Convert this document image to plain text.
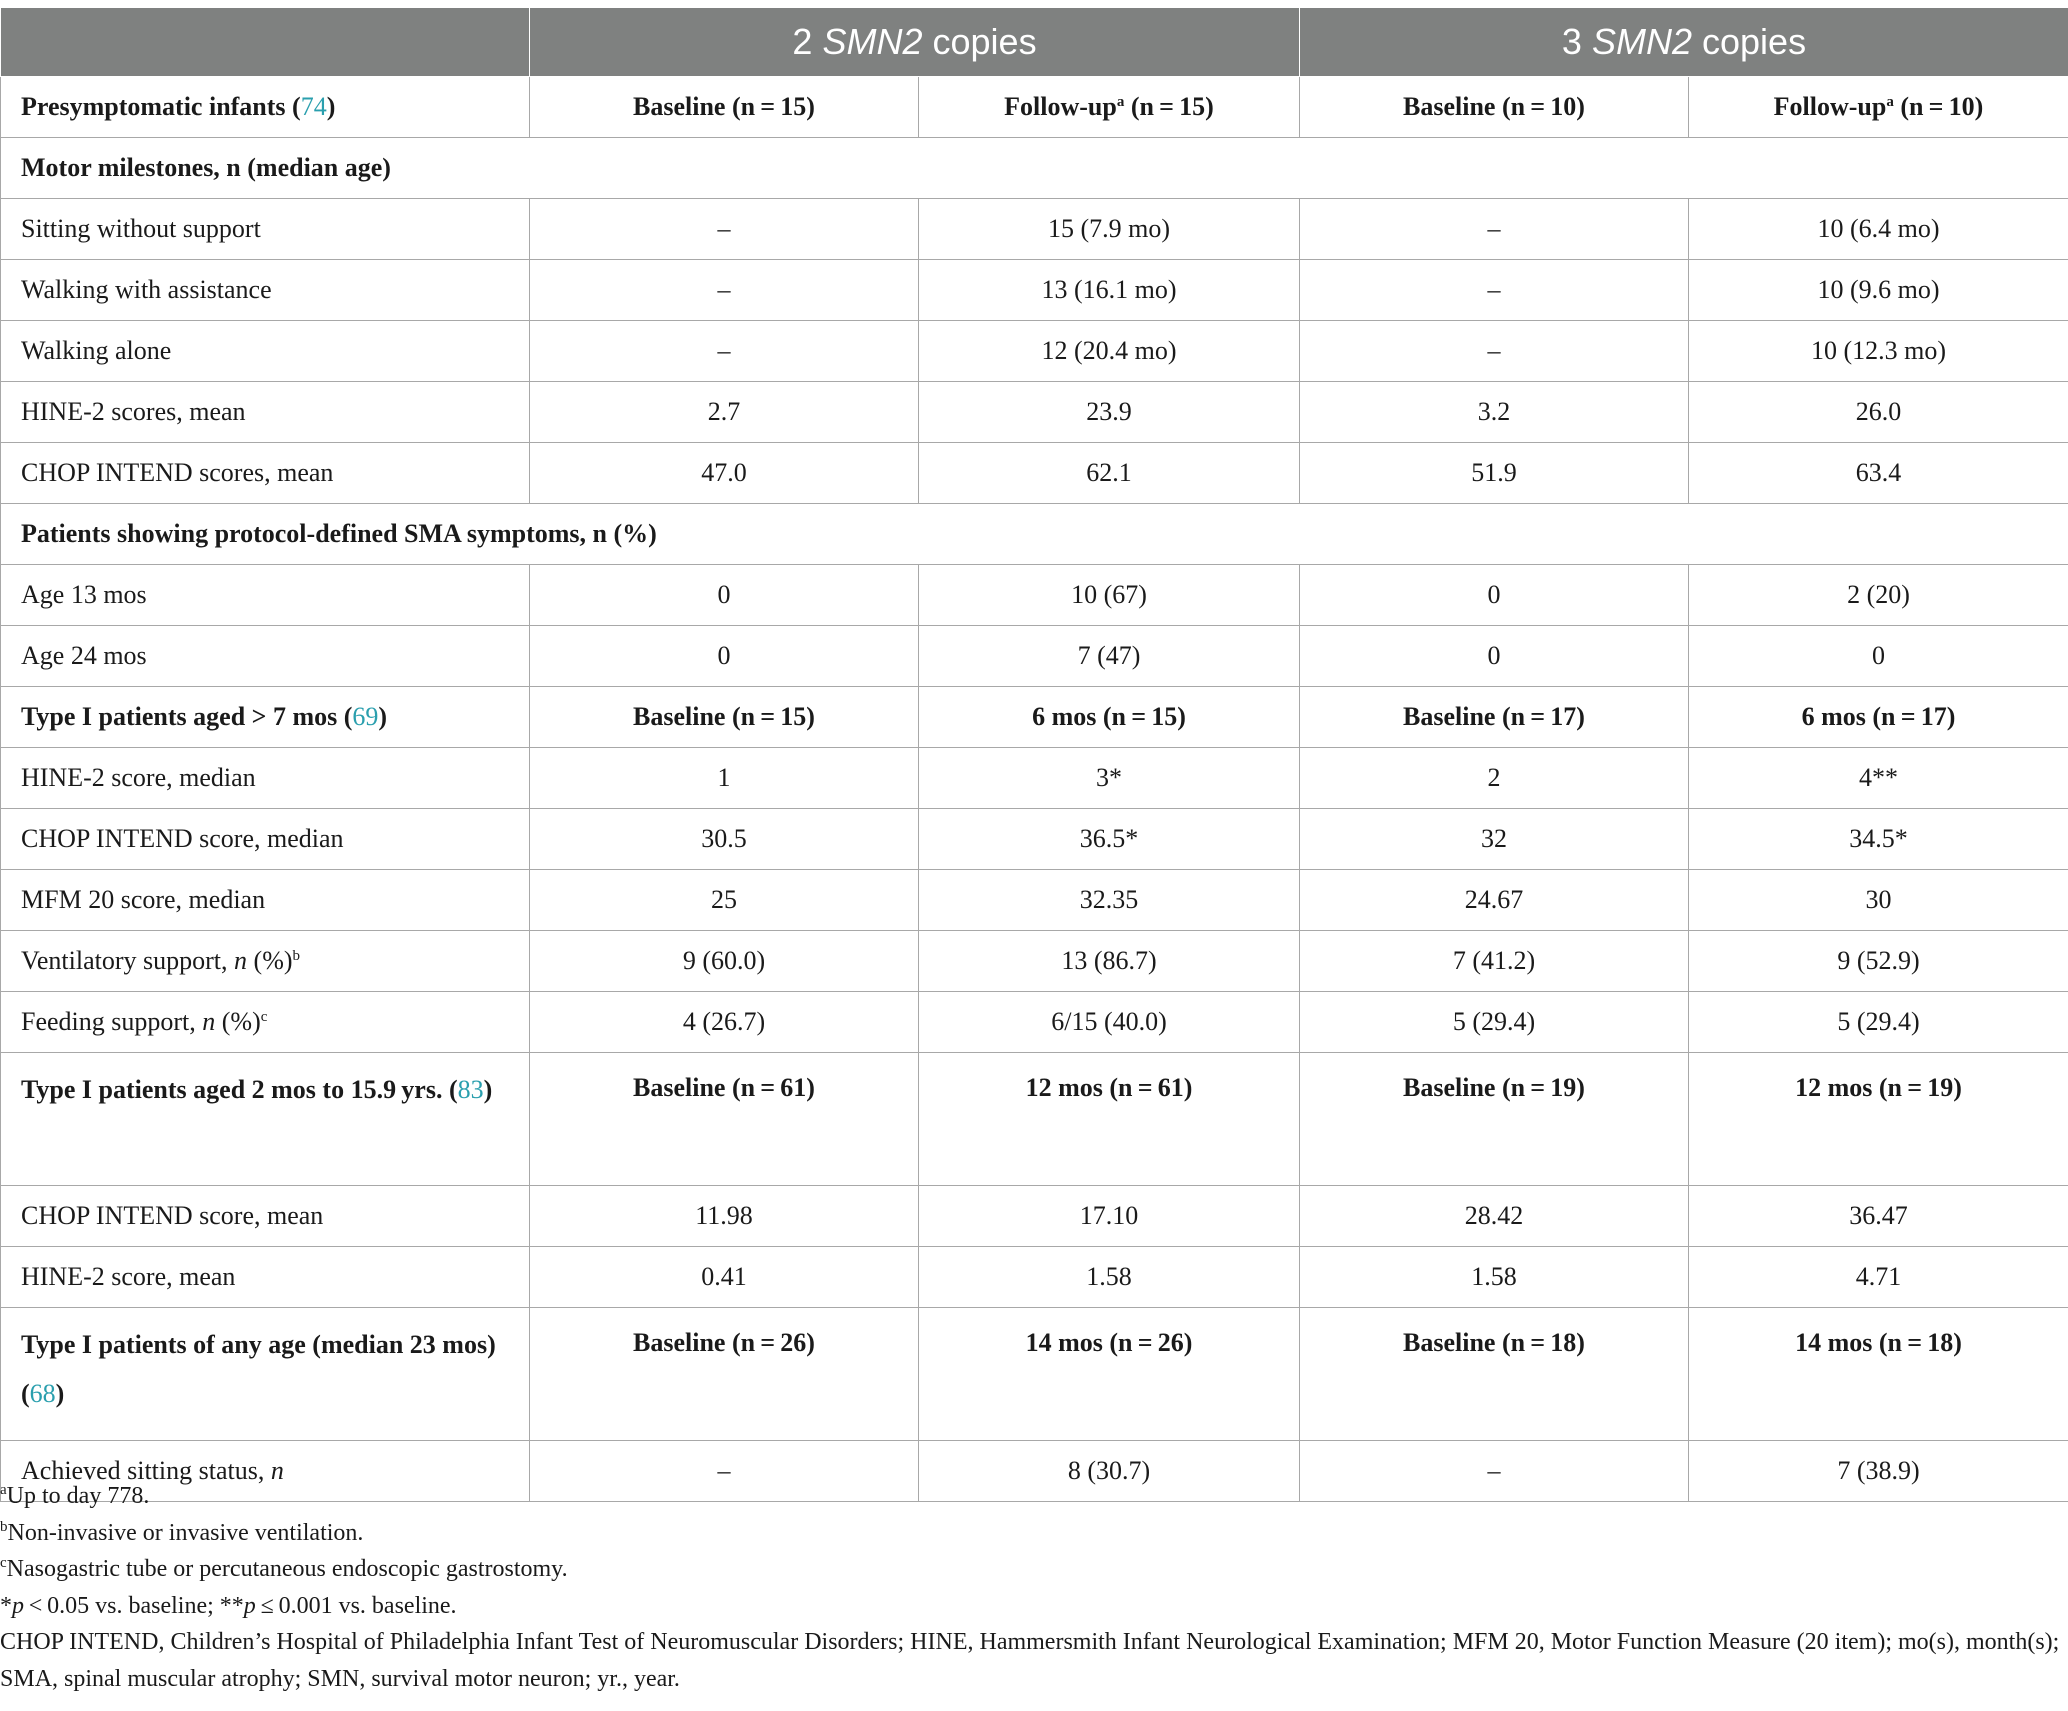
	2 SMN2 copies		3 SMN2 copies	
Presymptomatic infants (74)	Baseline (n = 15)	Follow-$up^a$ (n = 15)	Baseline (n = 10)	Follow-$up^a$ (n = 10)
Motor milestones, n (median age)				
Sitting without support	–	15 (7.9 mo)	–	10 (6.4 mo)
Walking with assistance	–	13 (16.1 mo)	–	10 (9.6 mo)
Walking alone	–	12 (20.4 mo)	–	10 (12.3 mo)
HINE-2 scores, mean	2.7	23.9	3.2	26.0
CHOP INTEND scores, mean	47.0	62.1	51.9	63.4
Patients showing protocol-defined SMA symptoms, n (%)				
Age 13 mos	0	10 (67)	0	2 (20)
Age 24 mos	0	7 (47)	0	0
Type I patients aged > 7 mos (69)	Baseline (n = 15)	6 mos (n = 15)	Baseline (n = 17)	6 mos (n = 17)
HINE-2 score, median	1	3*	2	4**
CHOP INTEND score, median	30.5	36.5*	32	34.5*
MFM 20 score, median	25	32.35	24.67	30
Ventilatory support, n (%)$^b$	9 (60.0)	13 (86.7)	7 (41.2)	9 (52.9)
Feeding support, n (%)$^c$	4 (26.7)	6/15 (40.0)	5 (29.4)	5 (29.4)
Type I patients aged 2 mos to 15.9 yrs. (83)	Baseline (n = 61)	12 mos (n = 61)	Baseline (n = 19)	12 mos (n = 19)
CHOP INTEND score, mean	11.98	17.10	28.42	36.47
HINE-2 score, mean	0.41	1.58	1.58	4.71
Type I patients of any age (median 23 mos) (68)	Baseline (n = 26)	14 mos (n = 26)	Baseline (n = 18)	14 mos (n = 18)
Achieved sitting status, n	–	8 (30.7)	–	7 (38.9)
$^a$Up to day 778.
$^b$Non-invasive or invasive ventilation.
$^c$Nasogastric tube or percutaneous endoscopic gastrostomy.
*p < 0.05 vs. baseline; **p ≤ 0.001 vs. baseline.
CHOP INTEND, Children’s Hospital of Philadelphia Infant Test of Neuromuscular Disorders; HINE, Hammersmith Infant Neurological Examination; MFM 20, Motor Function Measure (20 item); mo(s), month(s); SMA, spinal muscular atrophy; SMN, survival motor neuron; yr., year.
